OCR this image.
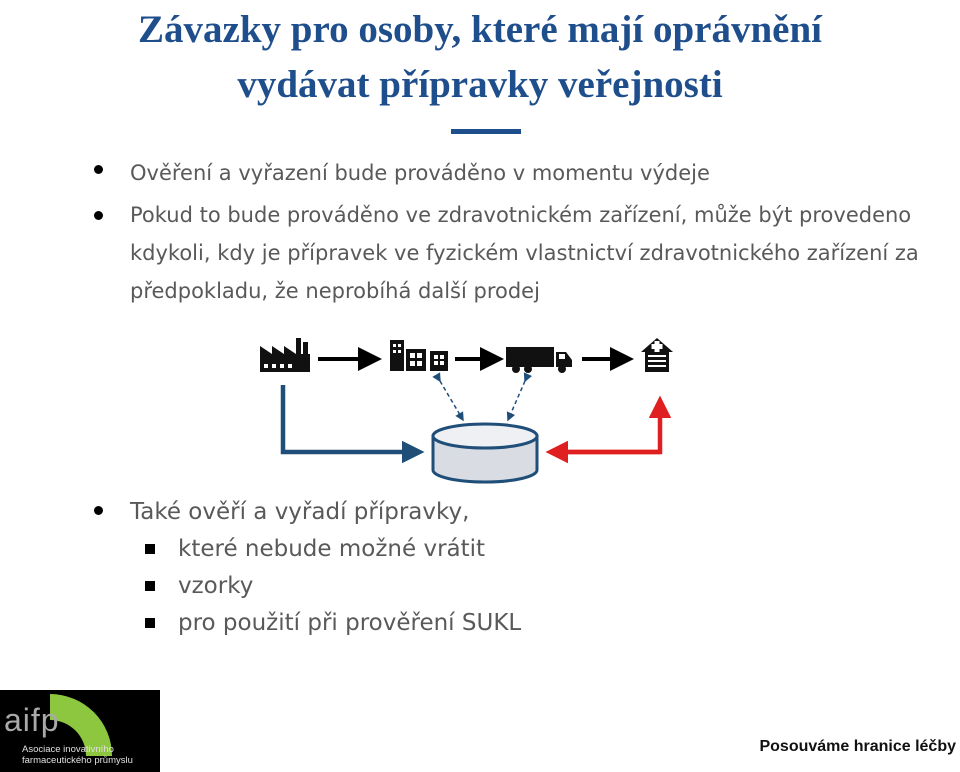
Závazky pro osoby, které mají oprávnění
vydávat přípravky veřejnosti
Ověření a vyřazení bude prováděno v momentu výdeje
Pokud to bude prováděno ve zdravotnickém zařízení, může být provedeno kdykoli, kdy je přípravek ve fyzickém vlastnictví zdravotnického zařízení za předpokladu, že neprobíhá další prodej
Také ověří a vyřadí přípravky,
které nebude možné vrátit
vzorky
pro použití při prověření SUKL
aifp
Asociace inovativního farmaceutického průmyslu
Posouváme hranice léčby
